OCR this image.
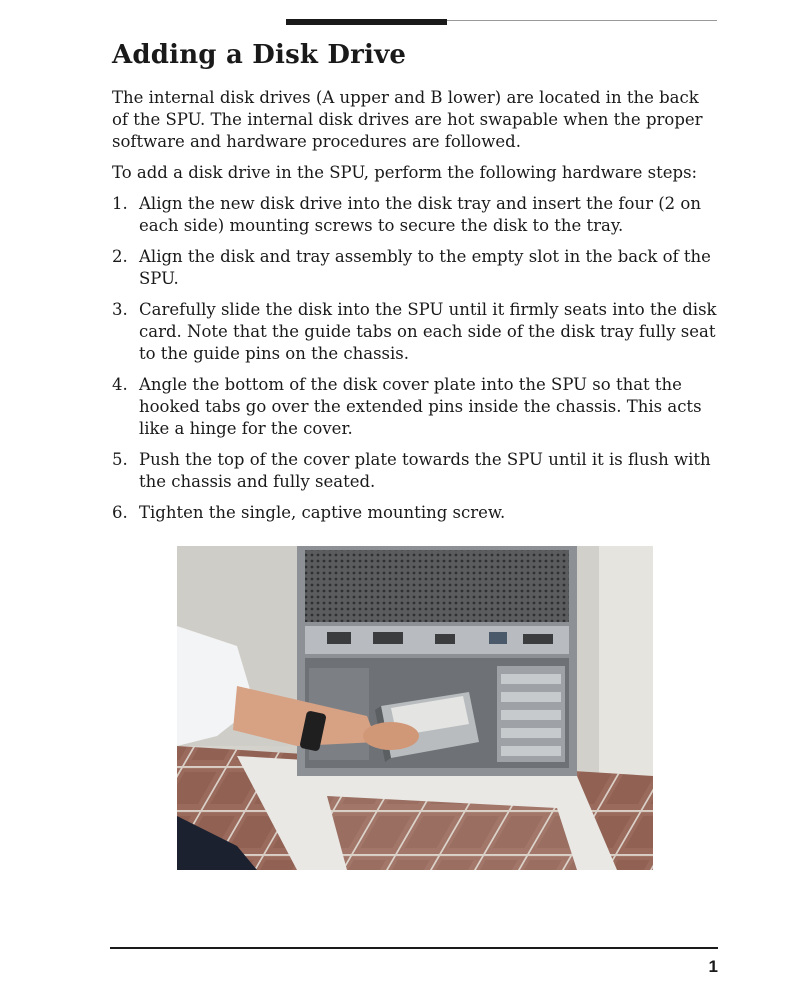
Adding a Disk Drive

The internal disk drives (A upper and B lower) are located in the back of the SPU. The internal disk drives are hot swapable when the proper software and hardware procedures are followed.

To add a disk drive in the SPU, perform the following hardware steps:

1. Align the new disk drive into the disk tray and insert the four (2 on each side) mounting screws to secure the disk to the tray.
2. Align the disk and tray assembly to the empty slot in the back of the SPU.
3. Carefully slide the disk into the SPU until it firmly seats into the disk card. Note that the guide tabs on each side of the disk tray fully seat to the guide pins on the chassis.
4. Angle the bottom of the disk cover plate into the SPU so that the hooked tabs go over the extended pins inside the chassis. This acts like a hinge for the cover.
5. Push the top of the cover plate towards the SPU until it is flush with the chassis and fully seated.
6. Tighten the single, captive mounting screw.
1
